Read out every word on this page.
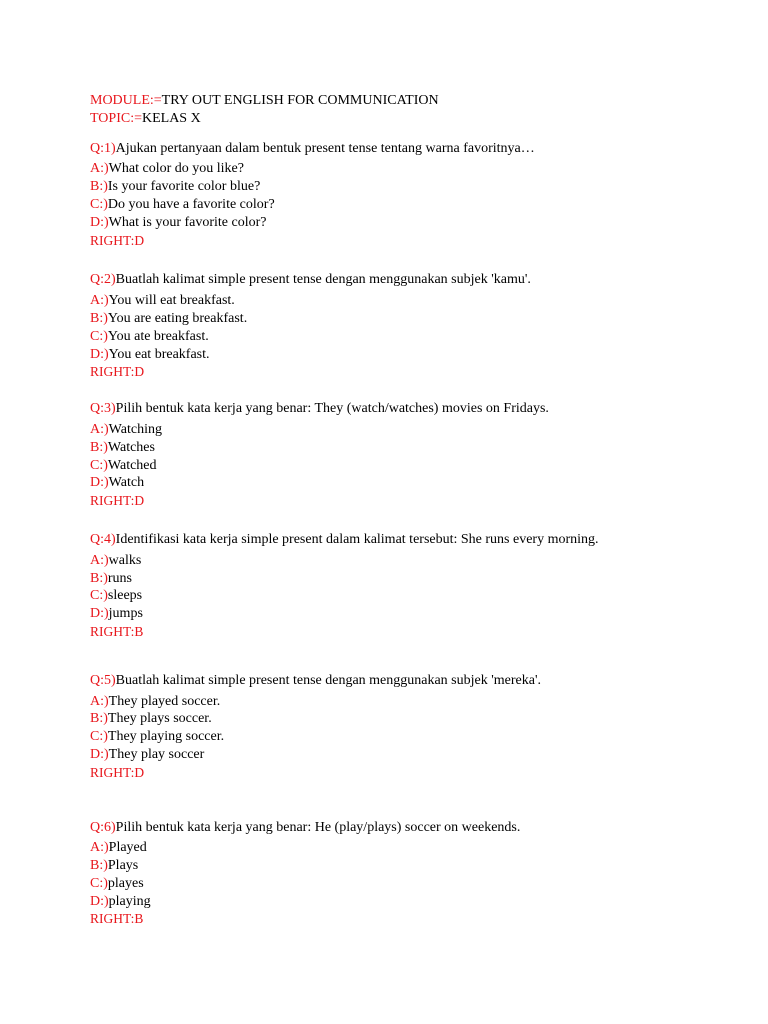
MODULE:=TRY OUT ENGLISH FOR COMMUNICATION
TOPIC:=KELAS X
Q:1)Ajukan pertanyaan dalam bentuk present tense tentang warna favoritnya…
A:)What color do you like?
B:)Is your favorite color blue?
C:)Do you have a favorite color?
D:)What is your favorite color?
RIGHT:D
Q:2)Buatlah kalimat simple present tense dengan menggunakan subjek 'kamu'.
A:)You will eat breakfast.
B:)You are eating breakfast.
C:)You ate breakfast.
D:)You eat breakfast.
RIGHT:D
Q:3)Pilih bentuk kata kerja yang benar: They (watch/watches) movies on Fridays.
A:)Watching
B:)Watches
C:)Watched
D:)Watch
RIGHT:D
Q:4)Identifikasi kata kerja simple present dalam kalimat tersebut: She runs every morning.
A:)walks
B:)runs
C:)sleeps
D:)jumps
RIGHT:B
Q:5)Buatlah kalimat simple present tense dengan menggunakan subjek 'mereka'.
A:)They played soccer.
B:)They plays soccer.
C:)They playing soccer.
D:)They play soccer
RIGHT:D
Q:6)Pilih bentuk kata kerja yang benar: He (play/plays) soccer on weekends.
A:)Played
B:)Plays
C:)playes
D:)playing
RIGHT:B
